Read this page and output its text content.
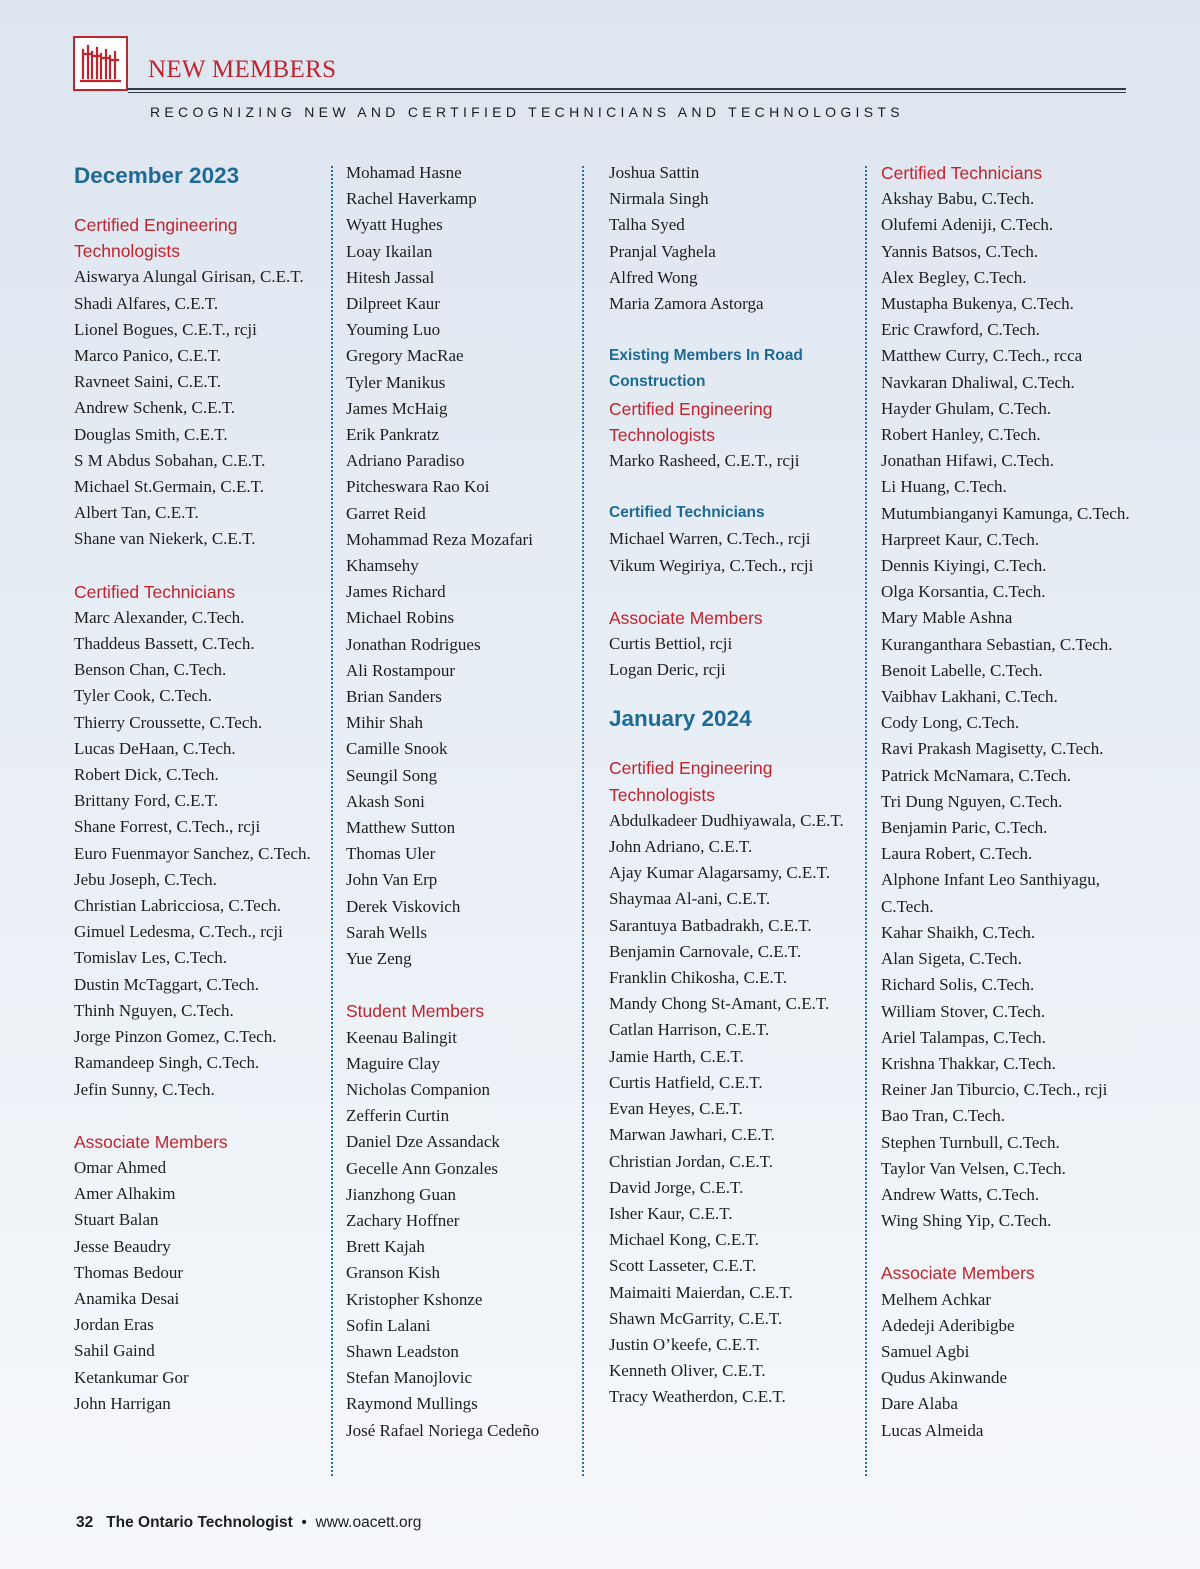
NEW MEMBERS
RECOGNIZING NEW AND CERTIFIED TECHNICIANS AND TECHNOLOGISTS
December 2023
Certified Engineering Technologists
Aiswarya Alungal Girisan, C.E.T.
Shadi Alfares, C.E.T.
Lionel Bogues, C.E.T., rcji
Marco Panico, C.E.T.
Ravneet Saini, C.E.T.
Andrew Schenk, C.E.T.
Douglas Smith, C.E.T.
S M Abdus Sobahan, C.E.T.
Michael St.Germain, C.E.T.
Albert Tan, C.E.T.
Shane van Niekerk, C.E.T.
Certified Technicians
Marc Alexander, C.Tech.
Thaddeus Bassett, C.Tech.
Benson Chan, C.Tech.
Tyler Cook, C.Tech.
Thierry Croussette, C.Tech.
Lucas DeHaan, C.Tech.
Robert Dick, C.Tech.
Brittany Ford, C.E.T.
Shane Forrest, C.Tech., rcji
Euro Fuenmayor Sanchez, C.Tech.
Jebu Joseph, C.Tech.
Christian Labricciosa, C.Tech.
Gimuel Ledesma, C.Tech., rcji
Tomislav Les, C.Tech.
Dustin McTaggart, C.Tech.
Thinh Nguyen, C.Tech.
Jorge Pinzon Gomez, C.Tech.
Ramandeep Singh, C.Tech.
Jefin Sunny, C.Tech.
Associate Members
Omar Ahmed
Amer Alhakim
Stuart Balan
Jesse Beaudry
Thomas Bedour
Anamika Desai
Jordan Eras
Sahil Gaind
Ketankumar Gor
John Harrigan
Mohamad Hasne
Rachel Haverkamp
Wyatt Hughes
Loay Ikailan
Hitesh Jassal
Dilpreet Kaur
Youming Luo
Gregory MacRae
Tyler Manikus
James McHaig
Erik Pankratz
Adriano Paradiso
Pitcheswara Rao Koi
Garret Reid
Mohammad Reza Mozafari Khamsehy
James Richard
Michael Robins
Jonathan Rodrigues
Ali Rostampour
Brian Sanders
Mihir Shah
Camille Snook
Seungil Song
Akash Soni
Matthew Sutton
Thomas Uler
John Van Erp
Derek Viskovich
Sarah Wells
Yue Zeng
Student Members
Keenau Balingit
Maguire Clay
Nicholas Companion
Zefferin Curtin
Daniel Dze Assandack
Gecelle Ann Gonzales
Jianzhong Guan
Zachary Hoffner
Brett Kajah
Granson Kish
Kristopher Kshonze
Sofin Lalani
Shawn Leadston
Stefan Manojlovic
Raymond Mullings
José Rafael Noriega Cedeño
Joshua Sattin
Nirmala Singh
Talha Syed
Pranjal Vaghela
Alfred Wong
Maria Zamora Astorga
Existing Members In Road Construction
Certified Engineering Technologists
Marko Rasheed, C.E.T., rcji
Certified Technicians
Michael Warren, C.Tech., rcji
Vikum Wegiriya, C.Tech., rcji
Associate Members
Curtis Bettiol, rcji
Logan Deric, rcji
January 2024
Certified Engineering Technologists
Abdulkadeer Dudhiyawala, C.E.T.
John Adriano, C.E.T.
Ajay Kumar Alagarsamy, C.E.T.
Shaymaa Al-ani, C.E.T.
Sarantuya Batbadrakh, C.E.T.
Benjamin Carnovale, C.E.T.
Franklin Chikosha, C.E.T.
Mandy Chong St-Amant, C.E.T.
Catlan Harrison, C.E.T.
Jamie Harth, C.E.T.
Curtis Hatfield, C.E.T.
Evan Heyes, C.E.T.
Marwan Jawhari, C.E.T.
Christian Jordan, C.E.T.
David Jorge, C.E.T.
Isher Kaur, C.E.T.
Michael Kong, C.E.T.
Scott Lasseter, C.E.T.
Maimaiti Maierdan, C.E.T.
Shawn McGarrity, C.E.T.
Justin O’keefe, C.E.T.
Kenneth Oliver, C.E.T.
Tracy Weatherdon, C.E.T.
Certified Technicians
Akshay Babu, C.Tech.
Olufemi Adeniji, C.Tech.
Yannis Batsos, C.Tech.
Alex Begley, C.Tech.
Mustapha Bukenya, C.Tech.
Eric Crawford, C.Tech.
Matthew Curry, C.Tech., rcca
Navkaran Dhaliwal, C.Tech.
Hayder Ghulam, C.Tech.
Robert Hanley, C.Tech.
Jonathan Hifawi, C.Tech.
Li Huang, C.Tech.
Mutumbianganyi Kamunga, C.Tech.
Harpreet Kaur, C.Tech.
Dennis Kiyingi, C.Tech.
Olga Korsantia, C.Tech.
Mary Mable Ashna
Kuranganthara Sebastian, C.Tech.
Benoit Labelle, C.Tech.
Vaibhav Lakhani, C.Tech.
Cody Long, C.Tech.
Ravi Prakash Magisetty, C.Tech.
Patrick McNamara, C.Tech.
Tri Dung Nguyen, C.Tech.
Benjamin Paric, C.Tech.
Laura Robert, C.Tech.
Alphone Infant Leo Santhiyagu, C.Tech.
Kahar Shaikh, C.Tech.
Alan Sigeta, C.Tech.
Richard Solis, C.Tech.
William Stover, C.Tech.
Ariel Talampas, C.Tech.
Krishna Thakkar, C.Tech.
Reiner Jan Tiburcio, C.Tech., rcji
Bao Tran, C.Tech.
Stephen Turnbull, C.Tech.
Taylor Van Velsen, C.Tech.
Andrew Watts, C.Tech.
Wing Shing Yip, C.Tech.
Associate Members
Melhem Achkar
Adedeji Aderibigbe
Samuel Agbi
Qudus Akinwande
Dare Alaba
Lucas Almeida
32 The Ontario Technologist • www.oacett.org
